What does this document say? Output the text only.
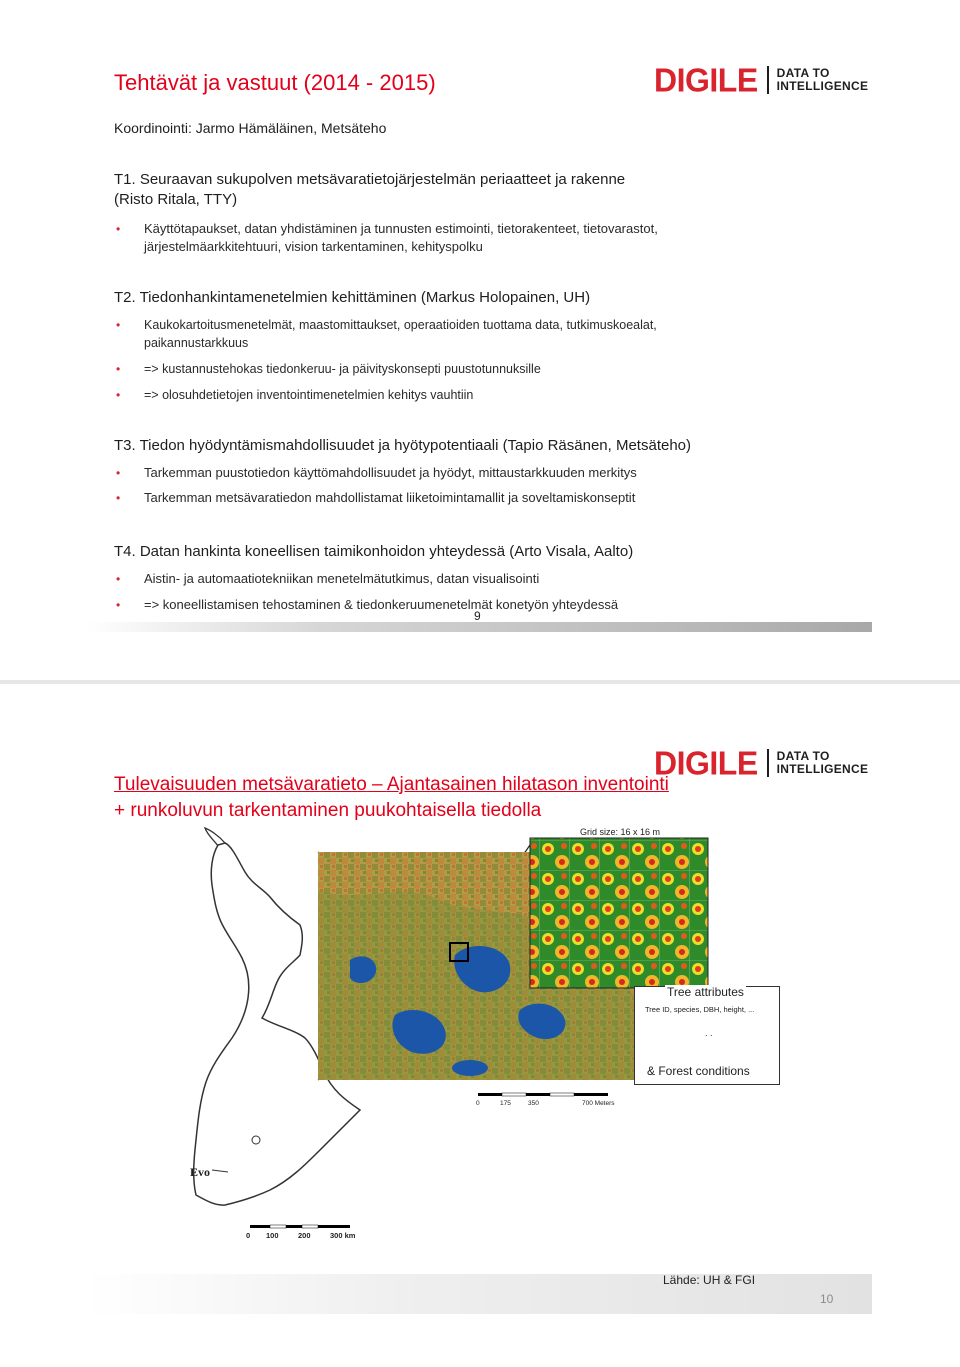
DIGILE DATA TO
INTELLIGENCE
Tehtävät ja vastuut (2014 - 2015)
Koordinointi: Jarmo Hämäläinen, Metsäteho
T1. Seuraavan sukupolven metsävaratietojärjestelmän periaatteet ja rakenne
(Risto Ritala, TTY)
• Käyttötapaukset, datan yhdistäminen ja tunnusten estimointi, tietorakenteet, tietovarastot, järjestelmäarkkitehtuuri, vision tarkentaminen, kehityspolku
T2. Tiedonhankintamenetelmien kehittäminen (Markus Holopainen, UH)
• Kaukokartoitusmenetelmät, maastomittaukset, operaatioiden tuottama data, tutkimuskoealat, paikannustarkkuus
• => kustannustehokas tiedonkeruu- ja päivityskonsepti puustotunnuksille
• => olosuhdetietojen inventointimenetelmien kehitys vauhtiin
T3. Tiedon hyödyntämismahdollisuudet ja hyötypotentiaali (Tapio Räsänen, Metsäteho)
• Tarkemman puustotiedon käyttömahdollisuudet ja hyödyt, mittaustarkkuuden merkitys
• Tarkemman metsävaratiedon mahdollistamat liiketoimintamallit ja soveltamiskonseptit
T4. Datan hankinta koneellisen taimikonhoidon yhteydessä (Arto Visala, Aalto)
• Aistin- ja automaatiotekniikan menetelmätutkimus, datan visualisointi
• => koneellistamisen tehostaminen & tiedonkeruumenetelmät konetyön yhteydessä
9
DIGILE DATA TO
INTELLIGENCE
Tulevaisuuden metsävaratieto – Ajantasainen hilatason inventointi
+ runkoluvun tarkentaminen puukohtaisella tiedolla
Grid size: 16 x 16 m
Tree attributes
Tree ID, species, DBH, height, ...
. .
& Forest conditions
0	175	350	700 Meters
Evo
0 100	200	300 km
Lähde: UH & FGI
10
